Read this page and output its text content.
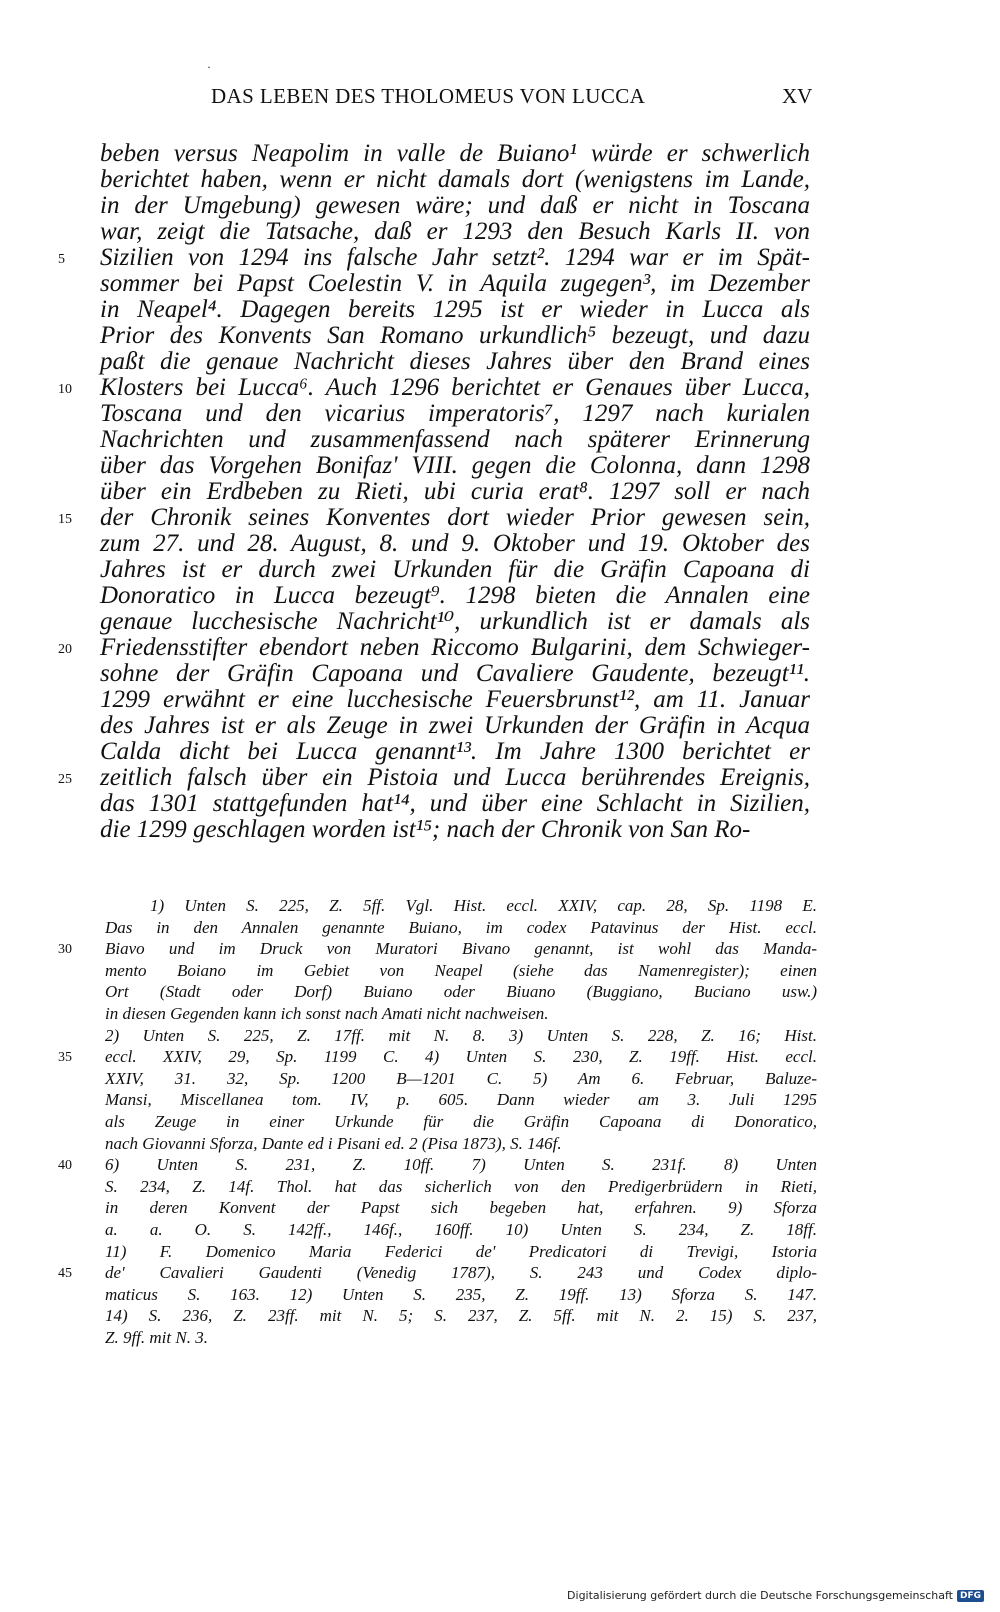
·
DAS LEBEN DES THOLOMEUS VON LUCCA	XV
beben versus Neapolim in valle de Buiano¹ würde er schwerlich
berichtet haben, wenn er nicht damals dort (wenigstens im Lande,
in der Umgebung) gewesen wäre; und daß er nicht in Toscana
war, zeigt die Tatsache, daß er 1293 den Besuch Karls II. von
Sizilien von 1294 ins falsche Jahr setzt². 1294 war er im Spät-
sommer bei Papst Coelestin V. in Aquila zugegen³, im Dezember
in Neapel⁴. Dagegen bereits 1295 ist er wieder in Lucca als
Prior des Konvents San Romano urkundlich⁵ bezeugt, und dazu
paßt die genaue Nachricht dieses Jahres über den Brand eines
Klosters bei Lucca⁶. Auch 1296 berichtet er Genaues über Lucca,
Toscana und den vicarius imperatoris⁷, 1297 nach kurialen
Nachrichten und zusammenfassend nach späterer Erinnerung
über das Vorgehen Bonifaz' VIII. gegen die Colonna, dann 1298
über ein Erdbeben zu Rieti, ubi curia erat⁸. 1297 soll er nach
der Chronik seines Konventes dort wieder Prior gewesen sein,
zum 27. und 28. August, 8. und 9. Oktober und 19. Oktober des
Jahres ist er durch zwei Urkunden für die Gräfin Capoana di
Donoratico in Lucca bezeugt⁹. 1298 bieten die Annalen eine
genaue lucchesische Nachricht¹⁰, urkundlich ist er damals als
Friedensstifter ebendort neben Riccomo Bulgarini, dem Schwieger-
sohne der Gräfin Capoana und Cavaliere Gaudente, bezeugt¹¹.
1299 erwähnt er eine lucchesische Feuersbrunst¹², am 11. Januar
des Jahres ist er als Zeuge in zwei Urkunden der Gräfin in Acqua
Calda dicht bei Lucca genannt¹³. Im Jahre 1300 berichtet er
zeitlich falsch über ein Pistoia und Lucca berührendes Ereignis,
das 1301 stattgefunden hat¹⁴, und über eine Schlacht in Sizilien,
die 1299 geschlagen worden ist¹⁵; nach der Chronik von San Ro-
5
10
15
20
25
1) Unten S. 225, Z. 5ff. Vgl. Hist. eccl. XXIV, cap. 28, Sp. 1198 E.
Das in den Annalen genannte Buiano, im codex Patavinus der Hist. eccl.
Biavo und im Druck von Muratori Bivano genannt, ist wohl das Manda-
mento Boiano im Gebiet von Neapel (siehe das Namenregister); einen
Ort (Stadt oder Dorf) Buiano oder Biuano (Buggiano, Buciano usw.)
in diesen Gegenden kann ich sonst nach Amati nicht nachweisen.
2) Unten S. 225, Z. 17ff. mit N. 8. 3) Unten S. 228, Z. 16; Hist.
eccl. XXIV, 29, Sp. 1199 C. 4) Unten S. 230, Z. 19ff. Hist. eccl.
XXIV, 31. 32, Sp. 1200 B—1201 C. 5) Am 6. Februar, Baluze-
Mansi, Miscellanea tom. IV, p. 605. Dann wieder am 3. Juli 1295
als Zeuge in einer Urkunde für die Gräfin Capoana di Donoratico,
nach Giovanni Sforza, Dante ed i Pisani ed. 2 (Pisa 1873), S. 146f.
6) Unten S. 231, Z. 10ff. 7) Unten S. 231f. 8) Unten
S. 234, Z. 14f. Thol. hat das sicherlich von den Predigerbrüdern in Rieti,
in deren Konvent der Papst sich begeben hat, erfahren. 9) Sforza
a. a. O. S. 142ff., 146f., 160ff. 10) Unten S. 234, Z. 18ff.
11) F. Domenico Maria Federici de' Predicatori di Trevigi, Istoria
de' Cavalieri Gaudenti (Venedig 1787), S. 243 und Codex diplo-
maticus S. 163. 12) Unten S. 235, Z. 19ff. 13) Sforza S. 147.
14) S. 236, Z. 23ff. mit N. 5; S. 237, Z. 5ff. mit N. 2. 15) S. 237,
Z. 9ff. mit N. 3.
30
35
40
45
Digitalisierung gefördert durch die Deutsche Forschungsgemeinschaft DFG
